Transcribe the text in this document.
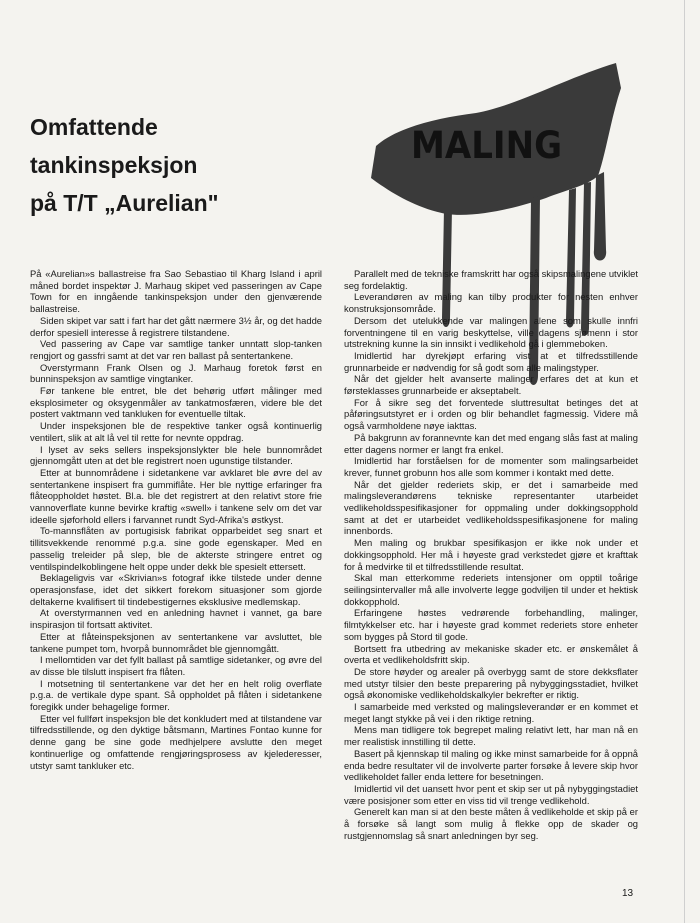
Omfattende
tankinspeksjon
på T/T „Aurelian"
MALING

På «Aurelian»s ballastreise fra Sao Sebastiao til Kharg Island i april måned bordet inspektør J. Marhaug skipet ved passeringen av Cape Town for en inngående tankinspeksjon under den gjenværende ballastreise.

Siden skipet var satt i fart har det gått nærmere 3½ år, og det hadde derfor spesiell interesse å registrere tilstandene.

Ved passering av Cape var samtlige tanker unntatt slop-tanken rengjort og gassfri samt at det var ren ballast på sentertankene.

Overstyrmann Frank Olsen og J. Marhaug foretok først en bunninspeksjon av samtlige vingtanker.

Før tankene ble entret, ble det behørig utført målinger med eksplosimeter og oksygenmåler av tankatmosfæren, videre ble det postert vaktmann ved tankluken for eventuelle tiltak.

Under inspeksjonen ble de respektive tanker også kontinuerlig ventilert, slik at alt lå vel til rette for nevnte oppdrag.

I lyset av seks sellers inspeksjonslykter ble hele bunnområdet gjennomgått uten at det ble registrert noen ugunstige tilstander.

Etter at bunnområdene i sidetankene var avklaret ble øvre del av sentertankene inspisert fra gummiflåte. Her ble nyttige erfaringer fra flåteoppholdet høstet. Bl.a. ble det registrert at den relativt store frie vannoverflate kunne bevirke kraftig «swell» i tankene selv om det var ideelle sjøforhold ellers i farvannet rundt Syd-Afrika's østkyst.

To-mannsflåten av portugisisk fabrikat opparbeidet seg snart et tillitsvekkende renommé p.g.a. sine gode egenskaper. Med en passelig treleider på slep, ble de akterste stringere entret og ventilspindelkoblingene helt oppe under dekk ble spesielt ettersett.

Beklageligvis var «Skrivian»s fotograf ikke tilstede under denne operasjonsfase, idet det sikkert forekom situasjoner som gjorde deltakerne kvalifisert til tindebestigernes eksklusive medlemskap.

At overstyrmannen ved en anledning havnet i vannet, ga bare inspirasjon til fortsatt aktivitet.

Etter at flåteinspeksjonen av sentertankene var avsluttet, ble tankene pumpet tom, hvorpå bunnområdet ble gjennomgått.

I mellomtiden var det fyllt ballast på samtlige sidetanker, og øvre del av disse ble tilslutt inspisert fra flåten.

I motsetning til sentertankene var det her en helt rolig overflate p.g.a. de vertikale dype spant. Så oppholdet på flåten i sidetankene foregikk under behagelige former.

Etter vel fullført inspeksjon ble det konkludert med at tilstandene var tilfredsstillende, og den dyktige båtsmann, Martines Fontao kunne for denne gang be sine gode medhjelpere avslutte den meget kontinuerlige og omfattende rengjøringsprosess av kjelederesser, utstyr samt tankluker etc.

Parallelt med de tekniske framskritt har også skipsmalingene utviklet seg fordelaktig.

Leverandøren av maling kan tilby produkter for nesten enhver konstruksjonsområde.

Dersom det utelukkende var malingen alene som skulle innfri forventningene til en varig beskyttelse, ville dagens sjømenn i stor utstrekning kunne la sin innsikt i vedlikehold gå i glemmeboken.

Imidlertid har dyrekjøpt erfaring vist at et tilfredsstillende grunnarbeide er nødvendig for så godt som alle malingstyper.

Når det gjelder helt avanserte malinger erfares det at kun et førsteklasses grunnarbeide er akseptabelt.

For å sikre seg det forventede sluttresultat betinges det at påføringsutstyret er i orden og blir behandlet fagmessig. Videre må også varmholdene nøye iakttas.

På bakgrunn av forannevnte kan det med engang slås fast at maling etter dagens normer er langt fra enkel.

Imidlertid har forståelsen for de momenter som malingsarbeidet krever, funnet grobunn hos alle som kommer i kontakt med dette.

Når det gjelder rederiets skip, er det i samarbeide med malingsleverandørens tekniske representanter utarbeidet vedlikeholdsspesifikasjoner for oppmaling under dokkingsopphold samt at det er utarbeidet vedlikeholdsspesifikasjonene for maling innenbords.

Men maling og brukbar spesifikasjon er ikke nok under et dokkingsopphold. Her må i høyeste grad verkstedet gjøre et krafttak for å medvirke til et tilfredsstillende resultat.

Skal man etterkomme rederiets intensjoner om opptil toårige seilingsintervaller må alle involverte legge godviljen til under et hektisk dokkopphold.

Erfaringene høstes vedrørende forbehandling, malinger, filmtykkelser etc. har i høyeste grad kommet rederiets store enheter som bygges på Stord til gode.

Bortsett fra utbedring av mekaniske skader etc. er ønskemålet å overta et vedlikeholdsfritt skip.

De store høyder og arealer på overbygg samt de store dekksflater med utstyr tilsier den beste preparering på nybyggingsstadiet, hvilket også økonomiske vedlikeholdskalkyler bekrefter er riktig.

I samarbeide med verksted og malingsleverandør er en kommet et meget langt stykke på vei i den riktige retning.

Mens man tidligere tok begrepet maling relativt lett, har man nå en mer realistisk innstilling til dette.

Basert på kjennskap til maling og ikke minst samarbeide for å oppnå enda bedre resultater vil de involverte parter forsøke å levere skip hvor vedlikeholdet faller enda lettere for besetningen.

Imidlertid vil det uansett hvor pent et skip ser ut på nybyggingstadiet være posisjoner som etter en viss tid vil trenge vedlikehold.

Generelt kan man si at den beste måten å vedlikeholde et skip på er å forsøke så langt som mulig å flekke opp de skader og rustgjennomslag så snart anledningen byr seg.

13
